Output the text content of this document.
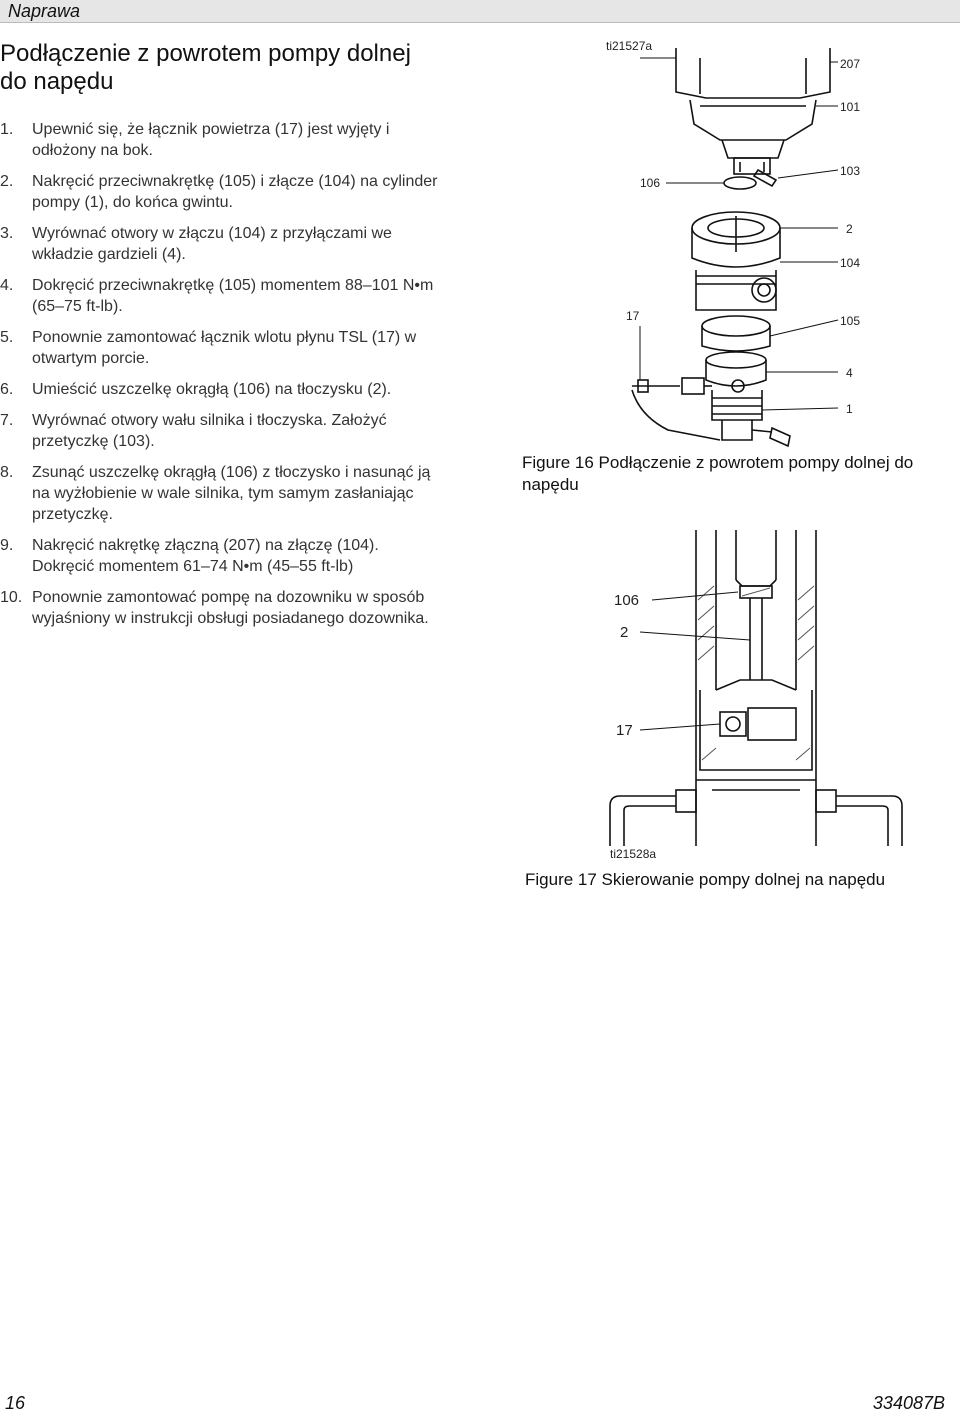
Naprawa
Podłączenie z powrotem pompy dolnej do napędu
1. Upewnić się, że łącznik powietrza (17) jest wyjęty i odłożony na bok.
2. Nakręcić przeciwnakrętkę (105) i złącze (104) na cylinder pompy (1), do końca gwintu.
3. Wyrównać otwory w złączu (104) z przyłączami we wkładzie gardzieli (4).
4. Dokręcić przeciwnakrętkę (105) momentem 88–101 N•m (65–75 ft-lb).
5. Ponownie zamontować łącznik wlotu płynu TSL (17) w otwartym porcie.
6. Umieścić uszczelkę okrągłą (106) na tłoczysku (2).
7. Wyrównać otwory wału silnika i tłoczyska. Założyć przetyczkę (103).
8. Zsunąć uszczelkę okrągłą (106) z tłoczysko i nasunąć ją na wyżłobienie w wale silnika, tym samym zasłaniając przetyczkę.
9. Nakręcić nakrętkę złączną (207) na złączę (104). Dokręcić momentem 61–74 N•m (45–55 ft-lb)
10. Ponownie zamontować pompę na dozowniku w sposób wyjaśniony w instrukcji obsługi posiadanego dozownika.
ti21527a
207
101
103
106
2
104
17	105
4
1
ti21528a
106
2
17
Figure 16 Podłączenie z powrotem pompy dolnej do napędu
Figure 17 Skierowanie pompy dolnej na napędu
16	334087B
